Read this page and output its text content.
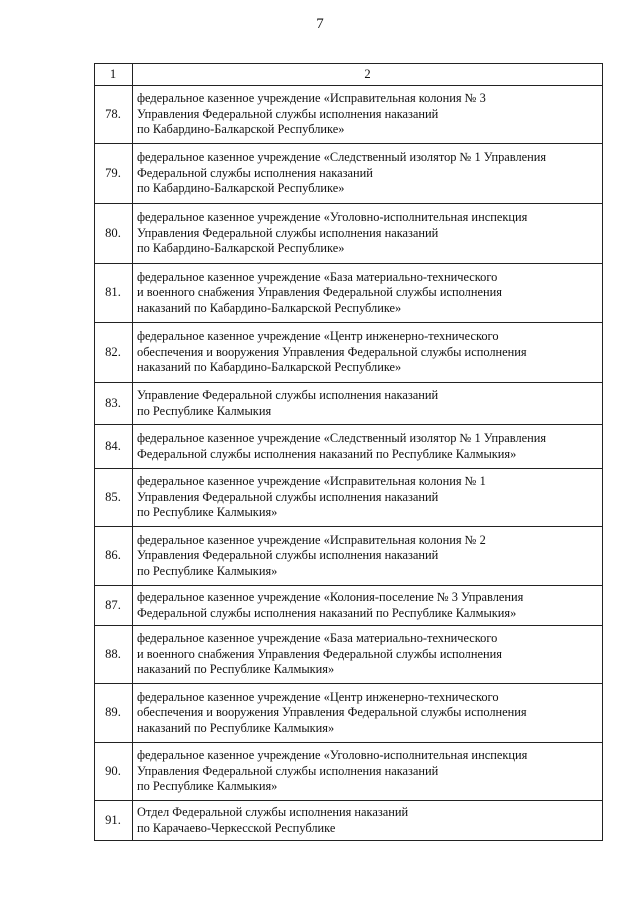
7
1	2
78.	федеральное казенное учреждение «Исправительная колония № 3
Управления Федеральной службы исполнения наказаний
по Кабардино-Балкарской Республике»

79.	федеральное казенное учреждение «Следственный изолятор № 1 Управления
Федеральной службы исполнения наказаний
по Кабардино-Балкарской Республике»

80.	федеральное казенное учреждение «Уголовно-исполнительная инспекция
Управления Федеральной службы исполнения наказаний
по Кабардино-Балкарской Республике»

81.	федеральное казенное учреждение «База материально-технического
и военного снабжения Управления Федеральной службы исполнения
наказаний по Кабардино-Балкарской Республике»

82.	федеральное казенное учреждение «Центр инженерно-технического
обеспечения и вооружения Управления Федеральной службы исполнения
наказаний по Кабардино-Балкарской Республике»

83.	Управление Федеральной службы исполнения наказаний
по Республике Калмыкия

84.	федеральное казенное учреждение «Следственный изолятор № 1 Управления
Федеральной службы исполнения наказаний по Республике Калмыкия»

85.	федеральное казенное учреждение «Исправительная колония № 1
Управления Федеральной службы исполнения наказаний
по Республике Калмыкия»

86.	федеральное казенное учреждение «Исправительная колония № 2
Управления Федеральной службы исполнения наказаний
по Республике Калмыкия»

87.	федеральное казенное учреждение «Колония-поселение № 3 Управления
Федеральной службы исполнения наказаний по Республике Калмыкия»

88.	федеральное казенное учреждение «База материально-технического
и военного снабжения Управления Федеральной службы исполнения
наказаний по Республике Калмыкия»

89.	федеральное казенное учреждение «Центр инженерно-технического
обеспечения и вооружения Управления Федеральной службы исполнения
наказаний по Республике Калмыкия»

90.	федеральное казенное учреждение «Уголовно-исполнительная инспекция
Управления Федеральной службы исполнения наказаний
по Республике Калмыкия»

91.	Отдел Федеральной службы исполнения наказаний
по Карачаево-Черкесской Республике
